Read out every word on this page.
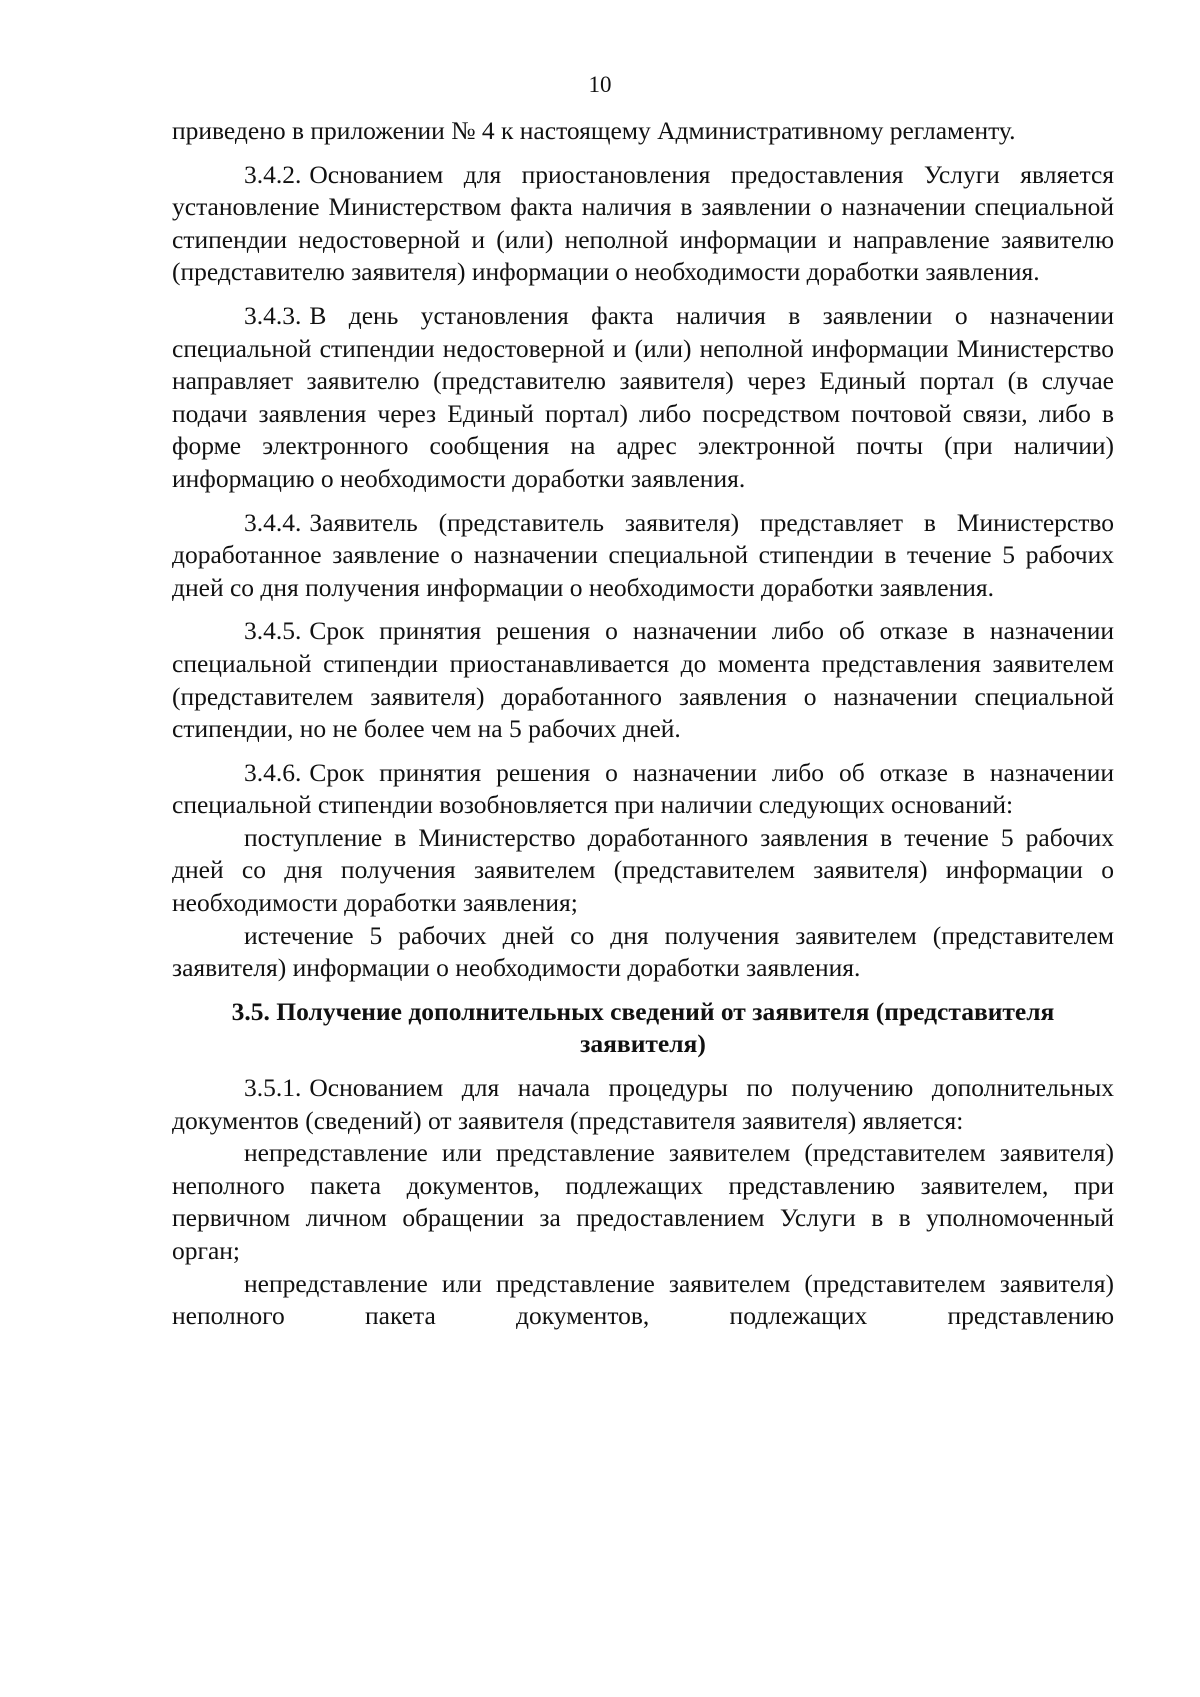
10

приведено в приложении № 4 к настоящему Административному регламенту.

3.4.2. Основанием для приостановления предоставления Услуги является установление Министерством факта наличия в заявлении о назначении специальной стипендии недостоверной и (или) неполной информации и направление заявителю (представителю заявителя) информации о необходимости доработки заявления.

3.4.3. В день установления факта наличия в заявлении о назначении специальной стипендии недостоверной и (или) неполной информации Министерство направляет заявителю (представителю заявителя) через Единый портал (в случае подачи заявления через Единый портал) либо посредством почтовой связи, либо в форме электронного сообщения на адрес электронной почты (при наличии) информацию о необходимости доработки заявления.

3.4.4. Заявитель (представитель заявителя) представляет в Министерство доработанное заявление о назначении специальной стипендии в течение 5 рабочих дней со дня получения информации о необходимости доработки заявления.

3.4.5. Срок принятия решения о назначении либо об отказе в назначении специальной стипендии приостанавливается до момента представления заявителем (представителем заявителя) доработанного заявления о назначении специальной стипендии, но не более чем на 5 рабочих дней.

3.4.6. Срок принятия решения о назначении либо об отказе в назначении специальной стипендии возобновляется при наличии следующих оснований:

поступление в Министерство доработанного заявления в течение 5 рабочих дней со дня получения заявителем (представителем заявителя) информации о необходимости доработки заявления;

истечение 5 рабочих дней со дня получения заявителем (представителем заявителя) информации о необходимости доработки заявления.

3.5. Получение дополнительных сведений от заявителя (представителя заявителя)

3.5.1. Основанием для начала процедуры по получению дополнительных документов (сведений) от заявителя (представителя заявителя) является:

непредставление или представление заявителем (представителем заявителя) неполного пакета документов, подлежащих представлению заявителем, при первичном личном обращении за предоставлением Услуги в в уполномоченный орган;

непредставление или представление заявителем (представителем заявителя) неполного пакета документов, подлежащих представлению
